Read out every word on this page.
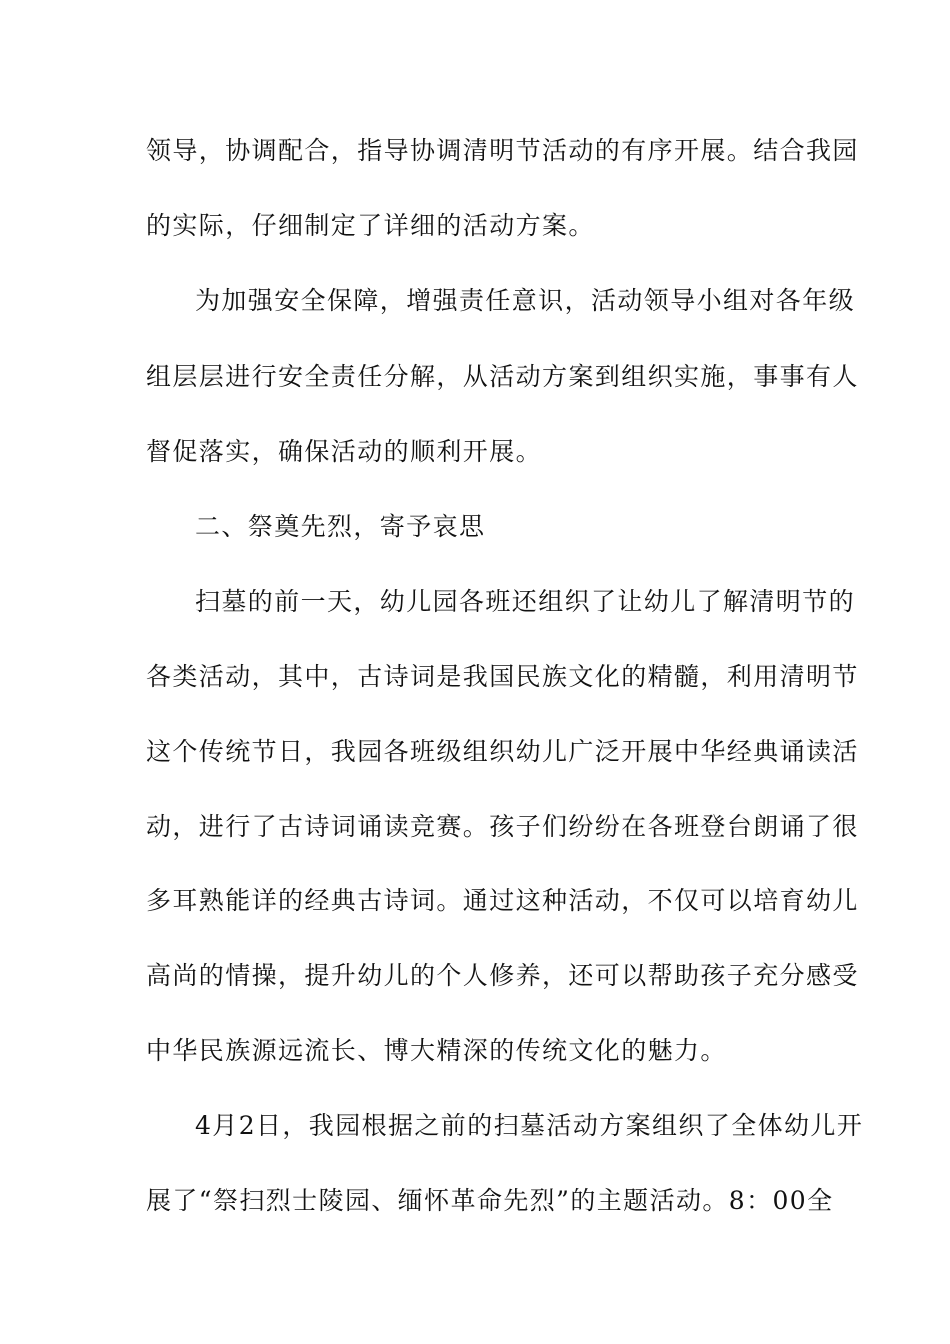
领导，协调配合，指导协调清明节活动的有序开展。结合我园
的实际，仔细制定了详细的活动方案。
为加强安全保障，增强责任意识，活动领导小组对各年级
组层层进行安全责任分解，从活动方案到组织实施，事事有人
督促落实，确保活动的顺利开展。
二、祭奠先烈，寄予哀思
扫墓的前一天，幼儿园各班还组织了让幼儿了解清明节的
各类活动，其中，古诗词是我国民族文化的精髓，利用清明节
这个传统节日，我园各班级组织幼儿广泛开展中华经典诵读活
动，进行了古诗词诵读竞赛。孩子们纷纷在各班登台朗诵了很
多耳熟能详的经典古诗词。通过这种活动，不仅可以培育幼儿
高尚的情操，提升幼儿的个人修养，还可以帮助孩子充分感受
中华民族源远流长、博大精深的传统文化的魅力。
4月2日，我园根据之前的扫墓活动方案组织了全体幼儿开
展了“祭扫烈士陵园、缅怀革命先烈”的主题活动。8：00全
